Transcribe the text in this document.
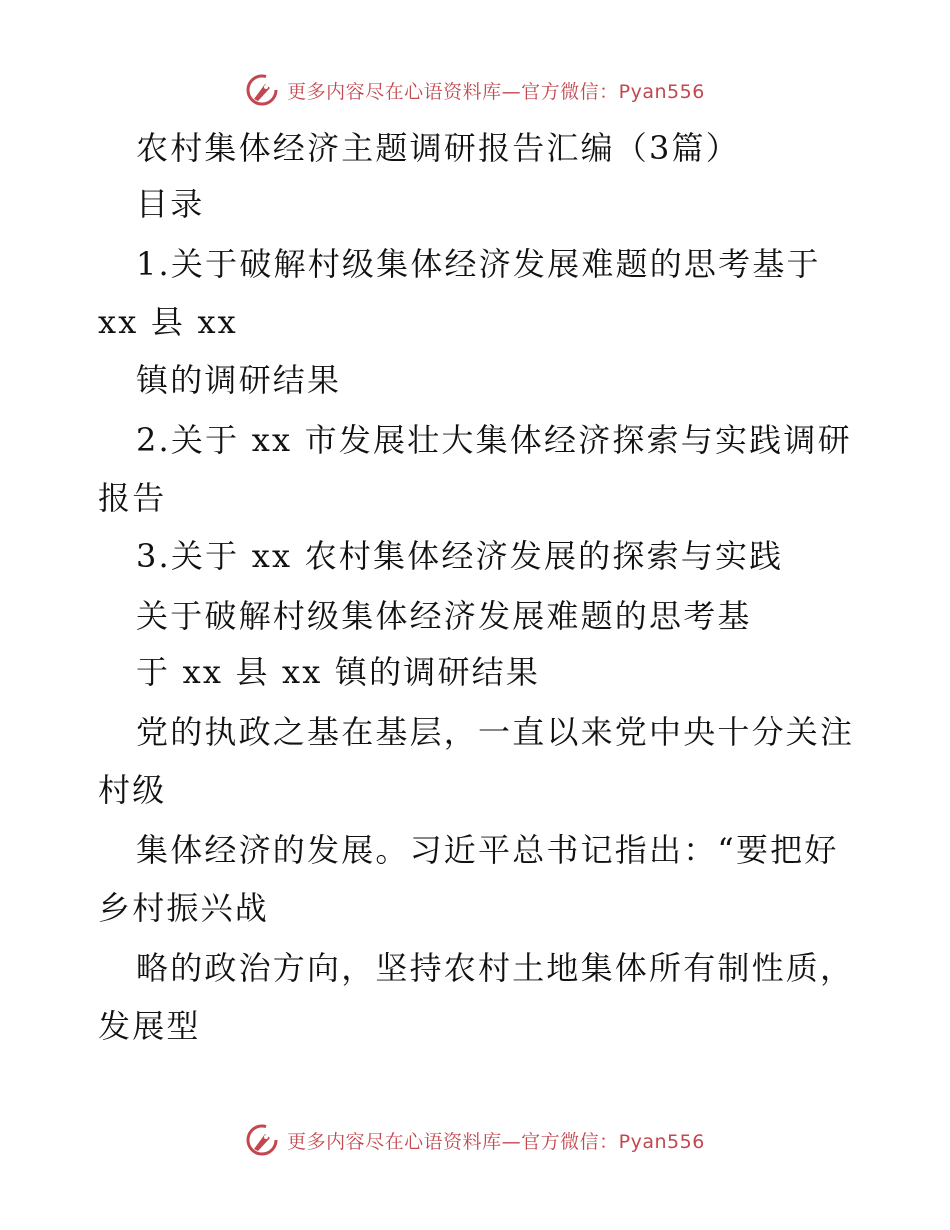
更多内容尽在心语资料库—官方微信：Pyan556
农村集体经济主题调研报告汇编（3篇）
目录
1.关于破解村级集体经济发展难题的思考基于
xx 县 xx
镇的调研结果
2.关于 xx 市发展壮大集体经济探索与实践调研
报告
3.关于 xx 农村集体经济发展的探索与实践
关于破解村级集体经济发展难题的思考基
于 xx 县 xx 镇的调研结果
党的执政之基在基层，一直以来党中央十分关注
村级
集体经济的发展。习近平总书记指出：“要把好
乡村振兴战
略的政治方向，坚持农村土地集体所有制性质，
发展型
更多内容尽在心语资料库—官方微信：Pyan556
